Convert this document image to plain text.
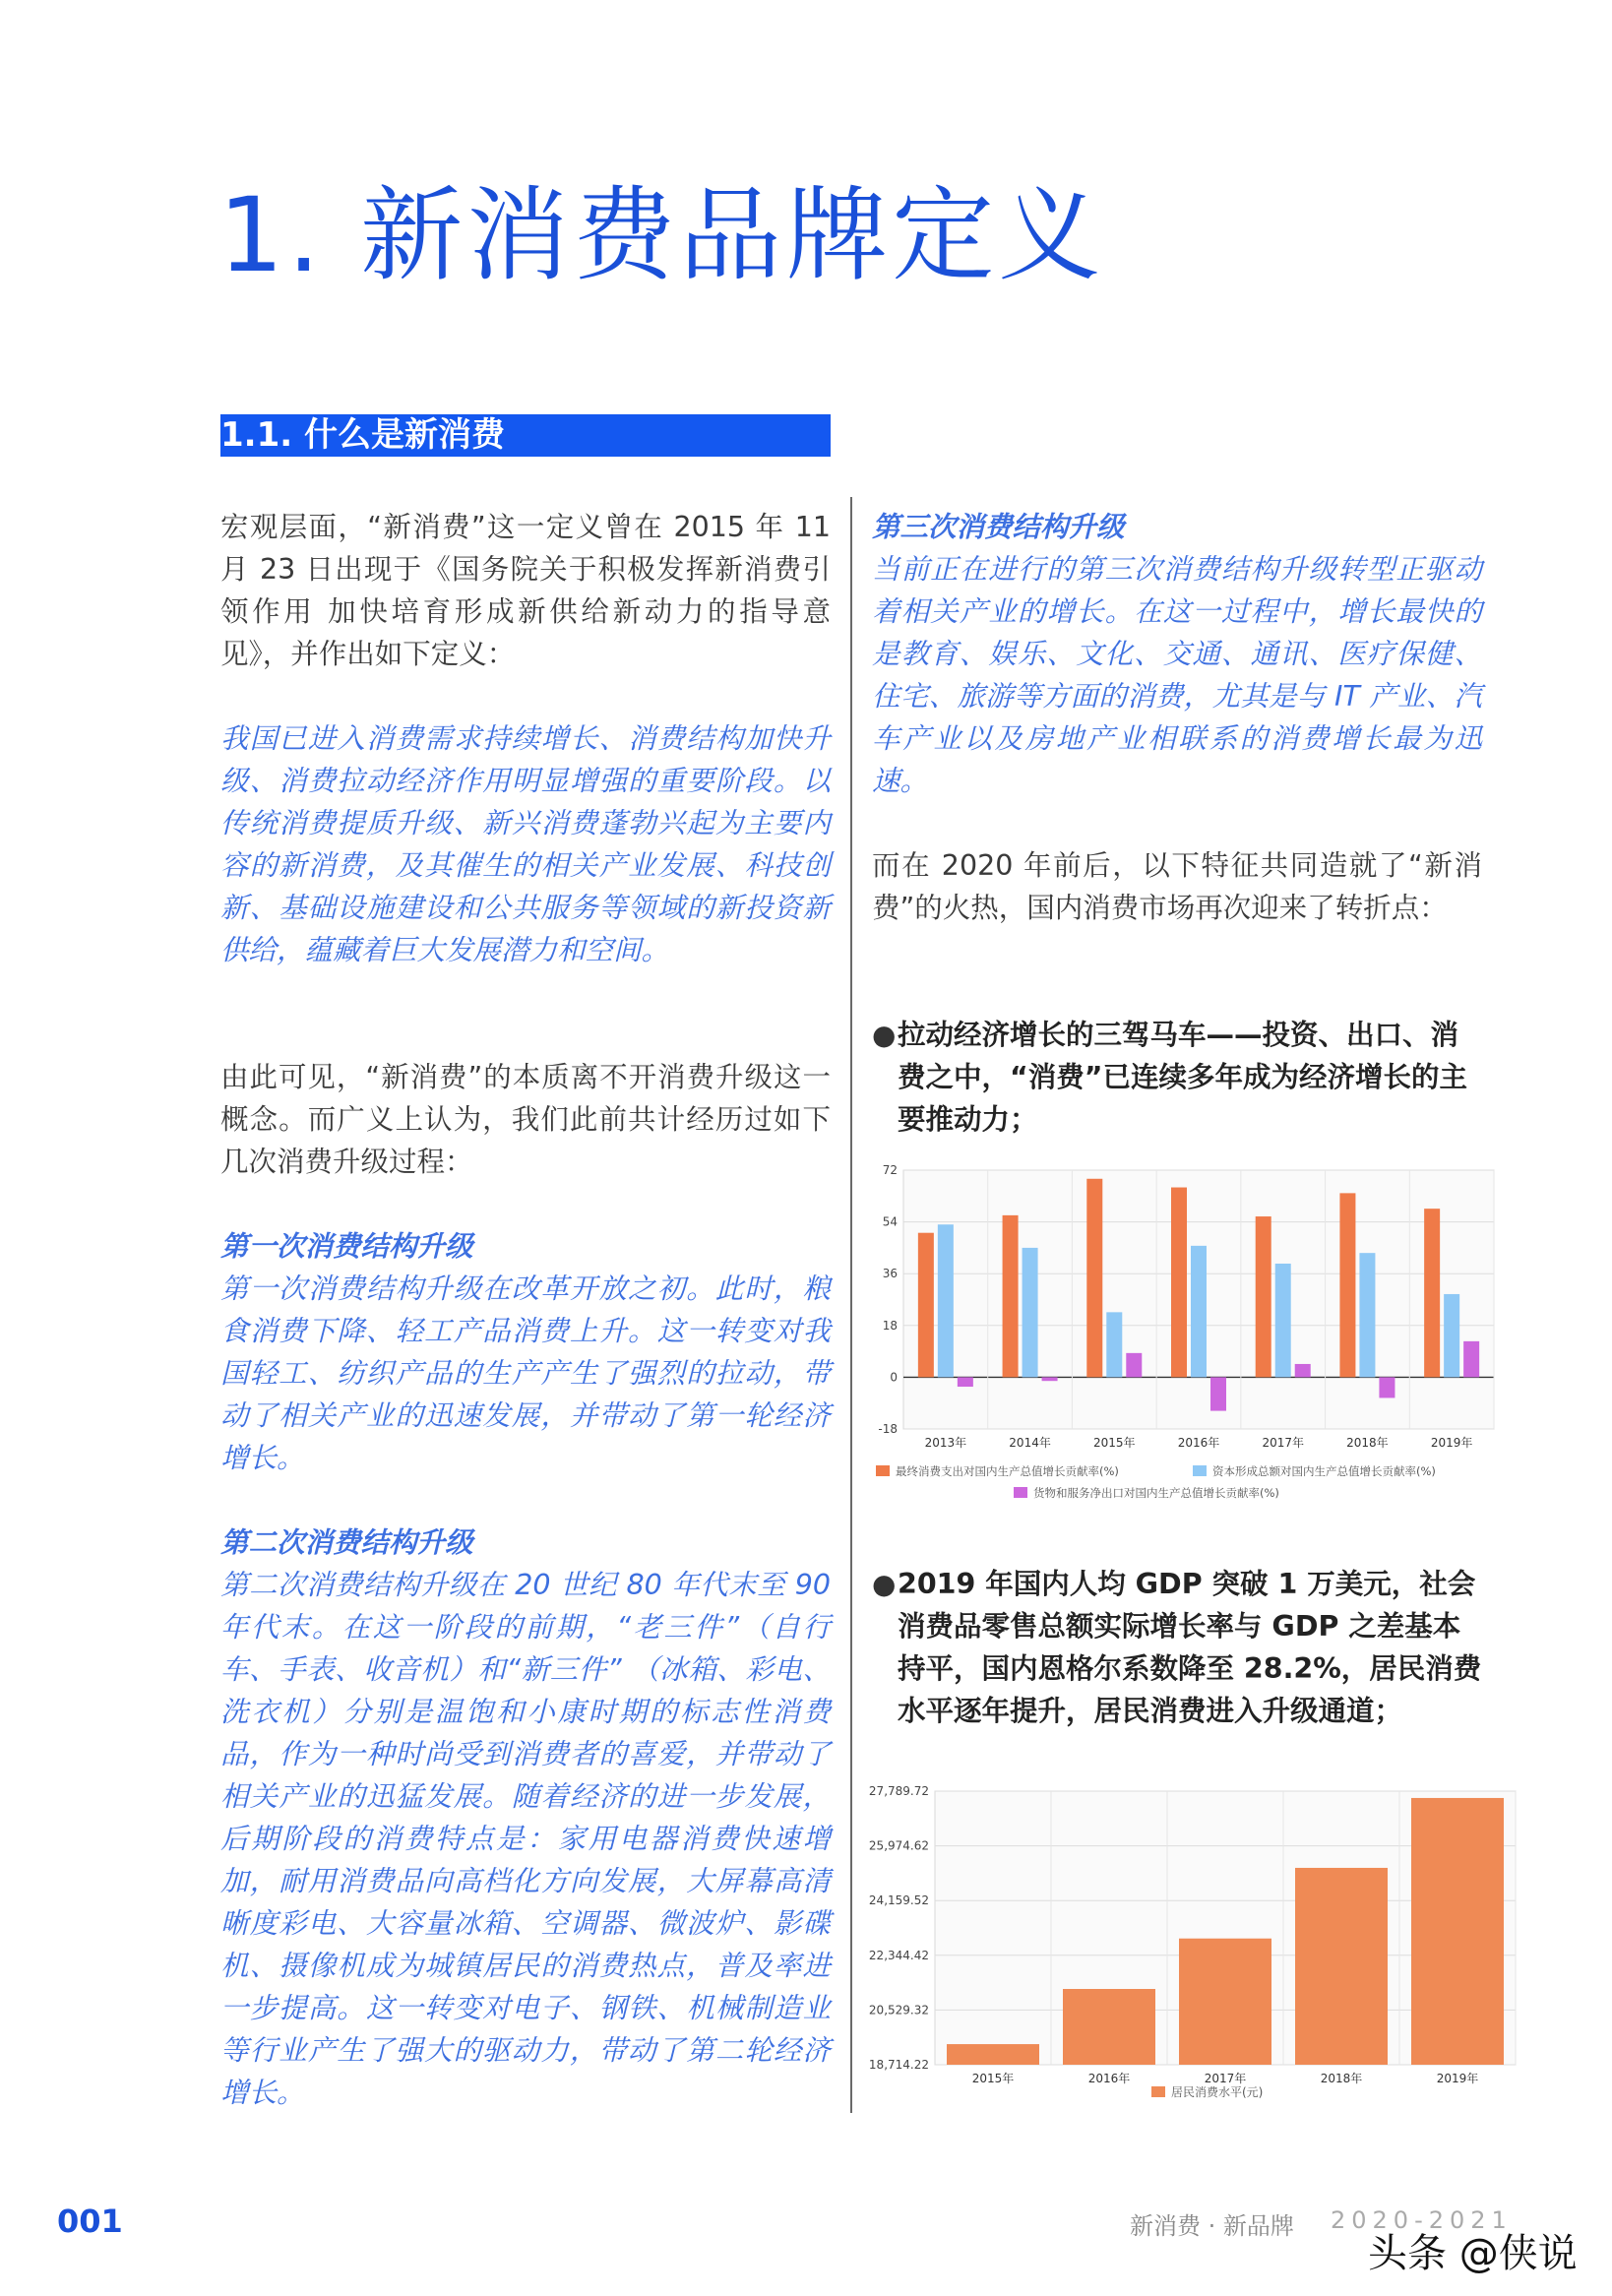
1. 新消费品牌定义
1.1. 什么是新消费

宏观层面，“新消费”这一定义曾在 2015 年 11 月 23 日出现于《国务院关于积极发挥新消费引领作用 加快培育形成新供给新动力的指导意见》，并作出如下定义：

我国已进入消费需求持续增长、消费结构加快升级、消费拉动经济作用明显增强的重要阶段。以传统消费提质升级、新兴消费蓬勃兴起为主要内容的新消费，及其催生的相关产业发展、科技创新、基础设施建设和公共服务等领域的新投资新供给，蕴藏着巨大发展潜力和空间。

由此可见，“新消费”的本质离不开消费升级这一概念。而广义上认为，我们此前共计经历过如下几次消费升级过程：

第一次消费结构升级

第一次消费结构升级在改革开放之初。此时，粮食消费下降、轻工产品消费上升。这一转变对我国轻工、纺织产品的生产产生了强烈的拉动，带动了相关产业的迅速发展，并带动了第一轮经济增长。

第二次消费结构升级

第二次消费结构升级在 20 世纪 80 年代末至 90 年代末。在这一阶段的前期，“老三件”（自行车、手表、收音机）和“新三件” （冰箱、彩电、洗衣机）分别是温饱和小康时期的标志性消费品，作为一种时尚受到消费者的喜爱，并带动了相关产业的迅猛发展。随着经济的进一步发展，后期阶段的消费特点是：家用电器消费快速增加，耐用消费品向高档化方向发展，大屏幕高清晰度彩电、大容量冰箱、空调器、微波炉、影碟机、摄像机成为城镇居民的消费热点，普及率进一步提高。这一转变对电子、钢铁、机械制造业等行业产生了强大的驱动力，带动了第二轮经济增长。

第三次消费结构升级

当前正在进行的第三次消费结构升级转型正驱动着相关产业的增长。在这一过程中，增长最快的是教育、娱乐、文化、交通、通讯、医疗保健、住宅、旅游等方面的消费，尤其是与 IT 产业、汽车产业以及房地产业相联系的消费增长最为迅速。

而在 2020 年前后，以下特征共同造就了“新消费”的火热，国内消费市场再次迎来了转折点：

● 拉动经济增长的三驾马车——投资、出口、消费之中，“消费”已连续多年成为经济增长的主要推动力；

● 2019 年国内人均 GDP 突破 1 万美元，社会消费品零售总额实际增长率与 GDP 之差基本持平，国内恩格尔系数降至 28.2%，居民消费水平逐年提升，居民消费进入升级通道；

72
54
36
18
0
-18
2013年	2014年	2015年	2016年	2017年	2018年	2019年
最终消费支出对国内生产总值增长贡献率(%)	资本形成总额对国内生产总值增长贡献率(%)
货物和服务净出口对国内生产总值增长贡献率(%)
27,789.72
25,974.62
24,159.52
22,344.42
20,529.32
18,714.22
2015年	2016年	2017年	2018年	2019年
居民消费水平(元)
001	新消费 · 新品牌 2020-2021
头条 @侠说
